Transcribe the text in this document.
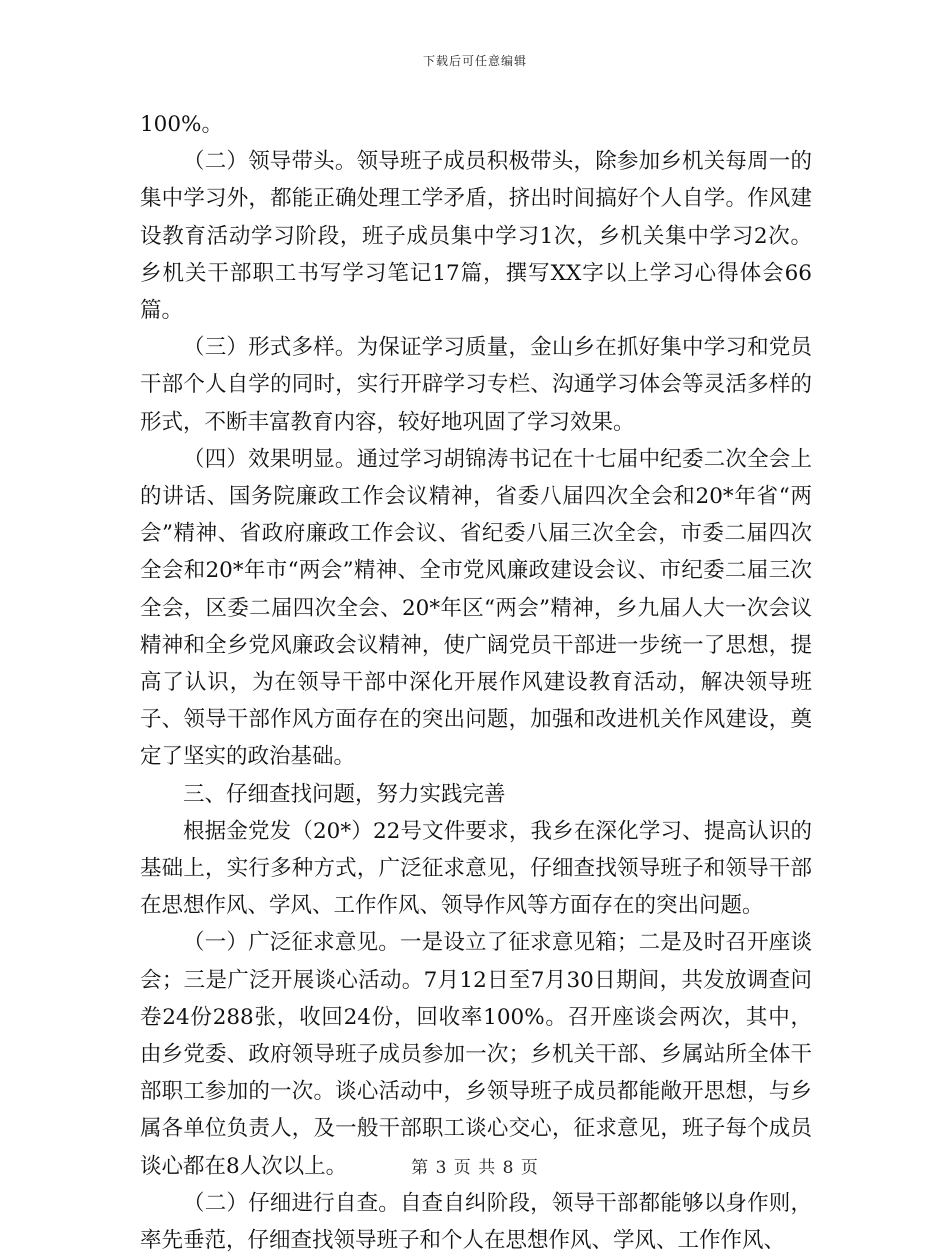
下载后可任意编辑

100%。

（二）领导带头。领导班子成员积极带头，除参加乡机关每周一的集中学习外，都能正确处理工学矛盾，挤出时间搞好个人自学。作风建设教育活动学习阶段，班子成员集中学习1次，乡机关集中学习2次。乡机关干部职工书写学习笔记17篇，撰写XX字以上学习心得体会66篇。

（三）形式多样。为保证学习质量，金山乡在抓好集中学习和党员干部个人自学的同时，实行开辟学习专栏、沟通学习体会等灵活多样的形式，不断丰富教育内容，较好地巩固了学习效果。

（四）效果明显。通过学习胡锦涛书记在十七届中纪委二次全会上的讲话、国务院廉政工作会议精神，省委八届四次全会和20*年省“两会”精神、省政府廉政工作会议、省纪委八届三次全会，市委二届四次全会和20*年市“两会”精神、全市党风廉政建设会议、市纪委二届三次全会，区委二届四次全会、20*年区“两会”精神，乡九届人大一次会议精神和全乡党风廉政会议精神，使广阔党员干部进一步统一了思想，提高了认识，为在领导干部中深化开展作风建设教育活动，解决领导班子、领导干部作风方面存在的突出问题，加强和改进机关作风建设，奠定了坚实的政治基础。

三、仔细查找问题，努力实践完善

根据金党发（20*）22号文件要求，我乡在深化学习、提高认识的基础上，实行多种方式，广泛征求意见，仔细查找领导班子和领导干部在思想作风、学风、工作作风、领导作风等方面存在的突出问题。

（一）广泛征求意见。一是设立了征求意见箱；二是及时召开座谈会；三是广泛开展谈心活动。7月12日至7月30日期间，共发放调查问卷24份288张，收回24份，回收率100%。召开座谈会两次，其中，由乡党委、政府领导班子成员参加一次；乡机关干部、乡属站所全体干部职工参加的一次。谈心活动中，乡领导班子成员都能敞开思想，与乡属各单位负责人，及一般干部职工谈心交心，征求意见，班子每个成员谈心都在8人次以上。

（二）仔细进行自查。自查自纠阶段，领导干部都能够以身作则，率先垂范，仔细查找领导班子和个人在思想作风、学风、工作作风、

第 3 页 共 8 页
